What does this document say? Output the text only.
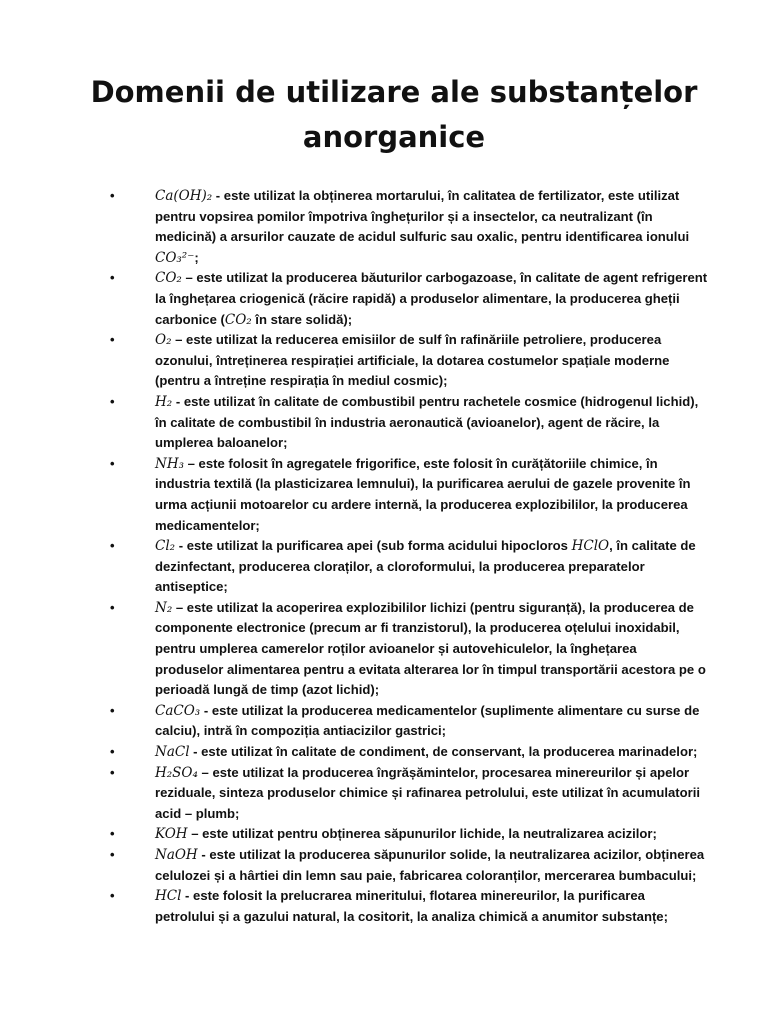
Domenii de utilizare ale substanțelor anorganice
•	Ca(OH)₂ - este utilizat la obținerea mortarului, în calitatea de fertilizator, este utilizat pentru vopsirea pomilor împotriva înghețurilor și a insectelor, ca neutralizant (în medicină) a arsurilor cauzate de acidul sulfuric sau oxalic, pentru identificarea ionului CO₃²⁻;
•	CO₂ – este utilizat la producerea băuturilor carbogazoase, în calitate de agent refrigerent la înghețarea criogenică (răcire rapidă) a produselor alimentare, la producerea gheții carbonice (CO₂ în stare solidă);
•	O₂ – este utilizat la reducerea emisiilor de sulf în rafinăriile petroliere, producerea ozonului, întreținerea respirației artificiale, la dotarea costumelor spațiale moderne (pentru a întreține respirația în mediul cosmic);
•	H₂ - este utilizat în calitate de combustibil pentru rachetele cosmice (hidrogenul lichid), în calitate de combustibil în industria aeronautică (avioanelor), agent de răcire, la umplerea baloanelor;
•	NH₃ – este folosit în agregatele frigorifice, este folosit în curățătoriile chimice, în industria textilă (la plasticizarea lemnului), la purificarea aerului de gazele provenite în urma acțiunii motoarelor cu ardere internă, la producerea explozibililor, la producerea medicamentelor;
•	Cl₂ - este utilizat la purificarea apei (sub forma acidului hipocloros HClO, în calitate de dezinfectant, producerea cloraților, a cloroformului, la producerea preparatelor antiseptice;
•	N₂ – este utilizat la acoperirea explozibililor lichizi (pentru siguranță), la producerea de componente electronice (precum ar fi tranzistorul), la producerea oțelului inoxidabil, pentru umplerea camerelor roților avioanelor și autovehiculelor, la înghețarea produselor alimentarea pentru a evitata alterarea lor în timpul transportării acestora pe o perioadă lungă de timp (azot lichid);
•	CaCO₃ - este utilizat la producerea medicamentelor (suplimente alimentare cu surse de calciu), intră în compoziția antiacizilor gastrici;
•	NaCl - este utilizat în calitate de condiment, de conservant, la producerea marinadelor;
•	H₂SO₄ – este utilizat la producerea îngrășămintelor, procesarea minereurilor și apelor reziduale, sinteza produselor chimice și rafinarea petrolului, este utilizat în acumulatorii acid – plumb;
•	KOH – este utilizat pentru obținerea săpunurilor lichide, la neutralizarea acizilor;
•	NaOH - este utilizat la producerea săpunurilor solide, la neutralizarea acizilor, obținerea celulozei și a hârtiei din lemn sau paie, fabricarea coloranților, mercerarea bumbacului;
•	HCl - este folosit la prelucrarea mineritului, flotarea minereurilor, la purificarea petrolului și a gazului natural, la cositorit, la analiza chimică a anumitor substanțe;
